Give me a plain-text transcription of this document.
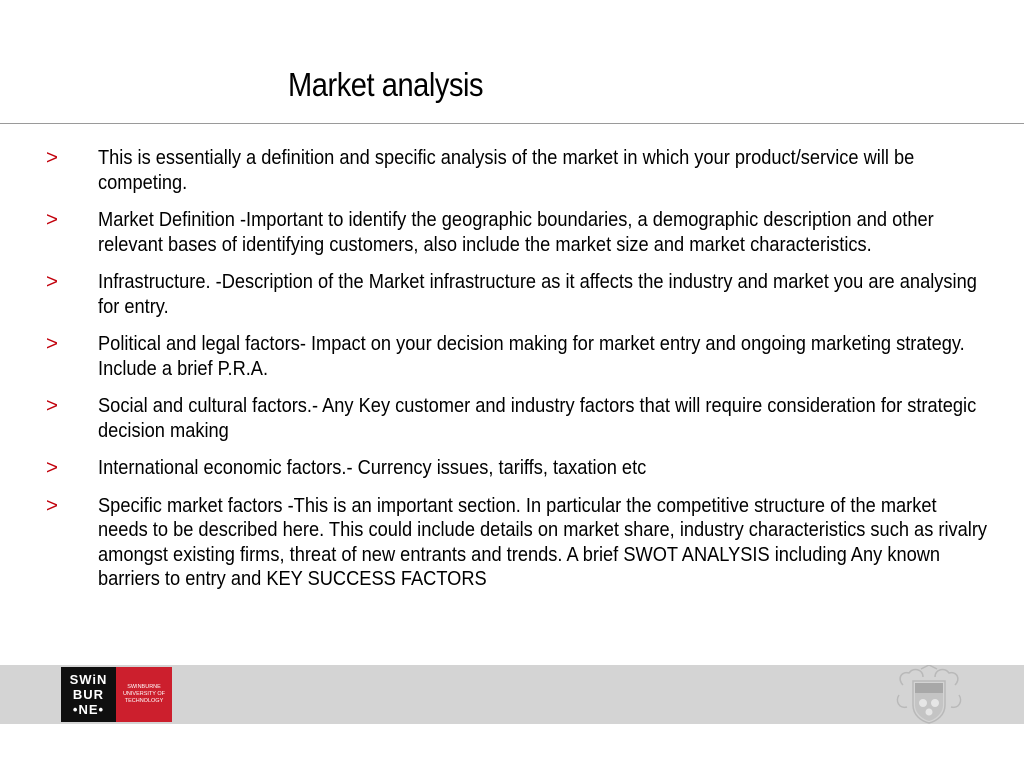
Market analysis
>	This is essentially a definition and specific analysis of the market in which your product/service will be competing.
>	Market Definition -Important to identify the geographic boundaries, a demographic description and other relevant bases of identifying customers, also include the market size and market characteristics.
>	Infrastructure. -Description of the Market infrastructure as it affects the industry and market you are analysing for entry.
>	Political and legal factors- Impact on your decision making for market entry and ongoing marketing strategy. Include a brief P.R.A.
>	Social and cultural factors.- Any Key customer and industry factors that will require consideration for strategic decision making
>	International economic factors.- Currency issues, tariffs, taxation etc
>	Specific market factors -This is an important section. In particular the competitive structure of the market needs to be described here. This could include details on market share, industry characteristics such as rivalry amongst existing firms, threat of new entrants and trends. A brief SWOT ANALYSIS including Any known barriers to entry and KEY SUCCESS FACTORS
SWiN
BUR
•NE•
SWINBURNE
UNIVERSITY OF
TECHNOLOGY
